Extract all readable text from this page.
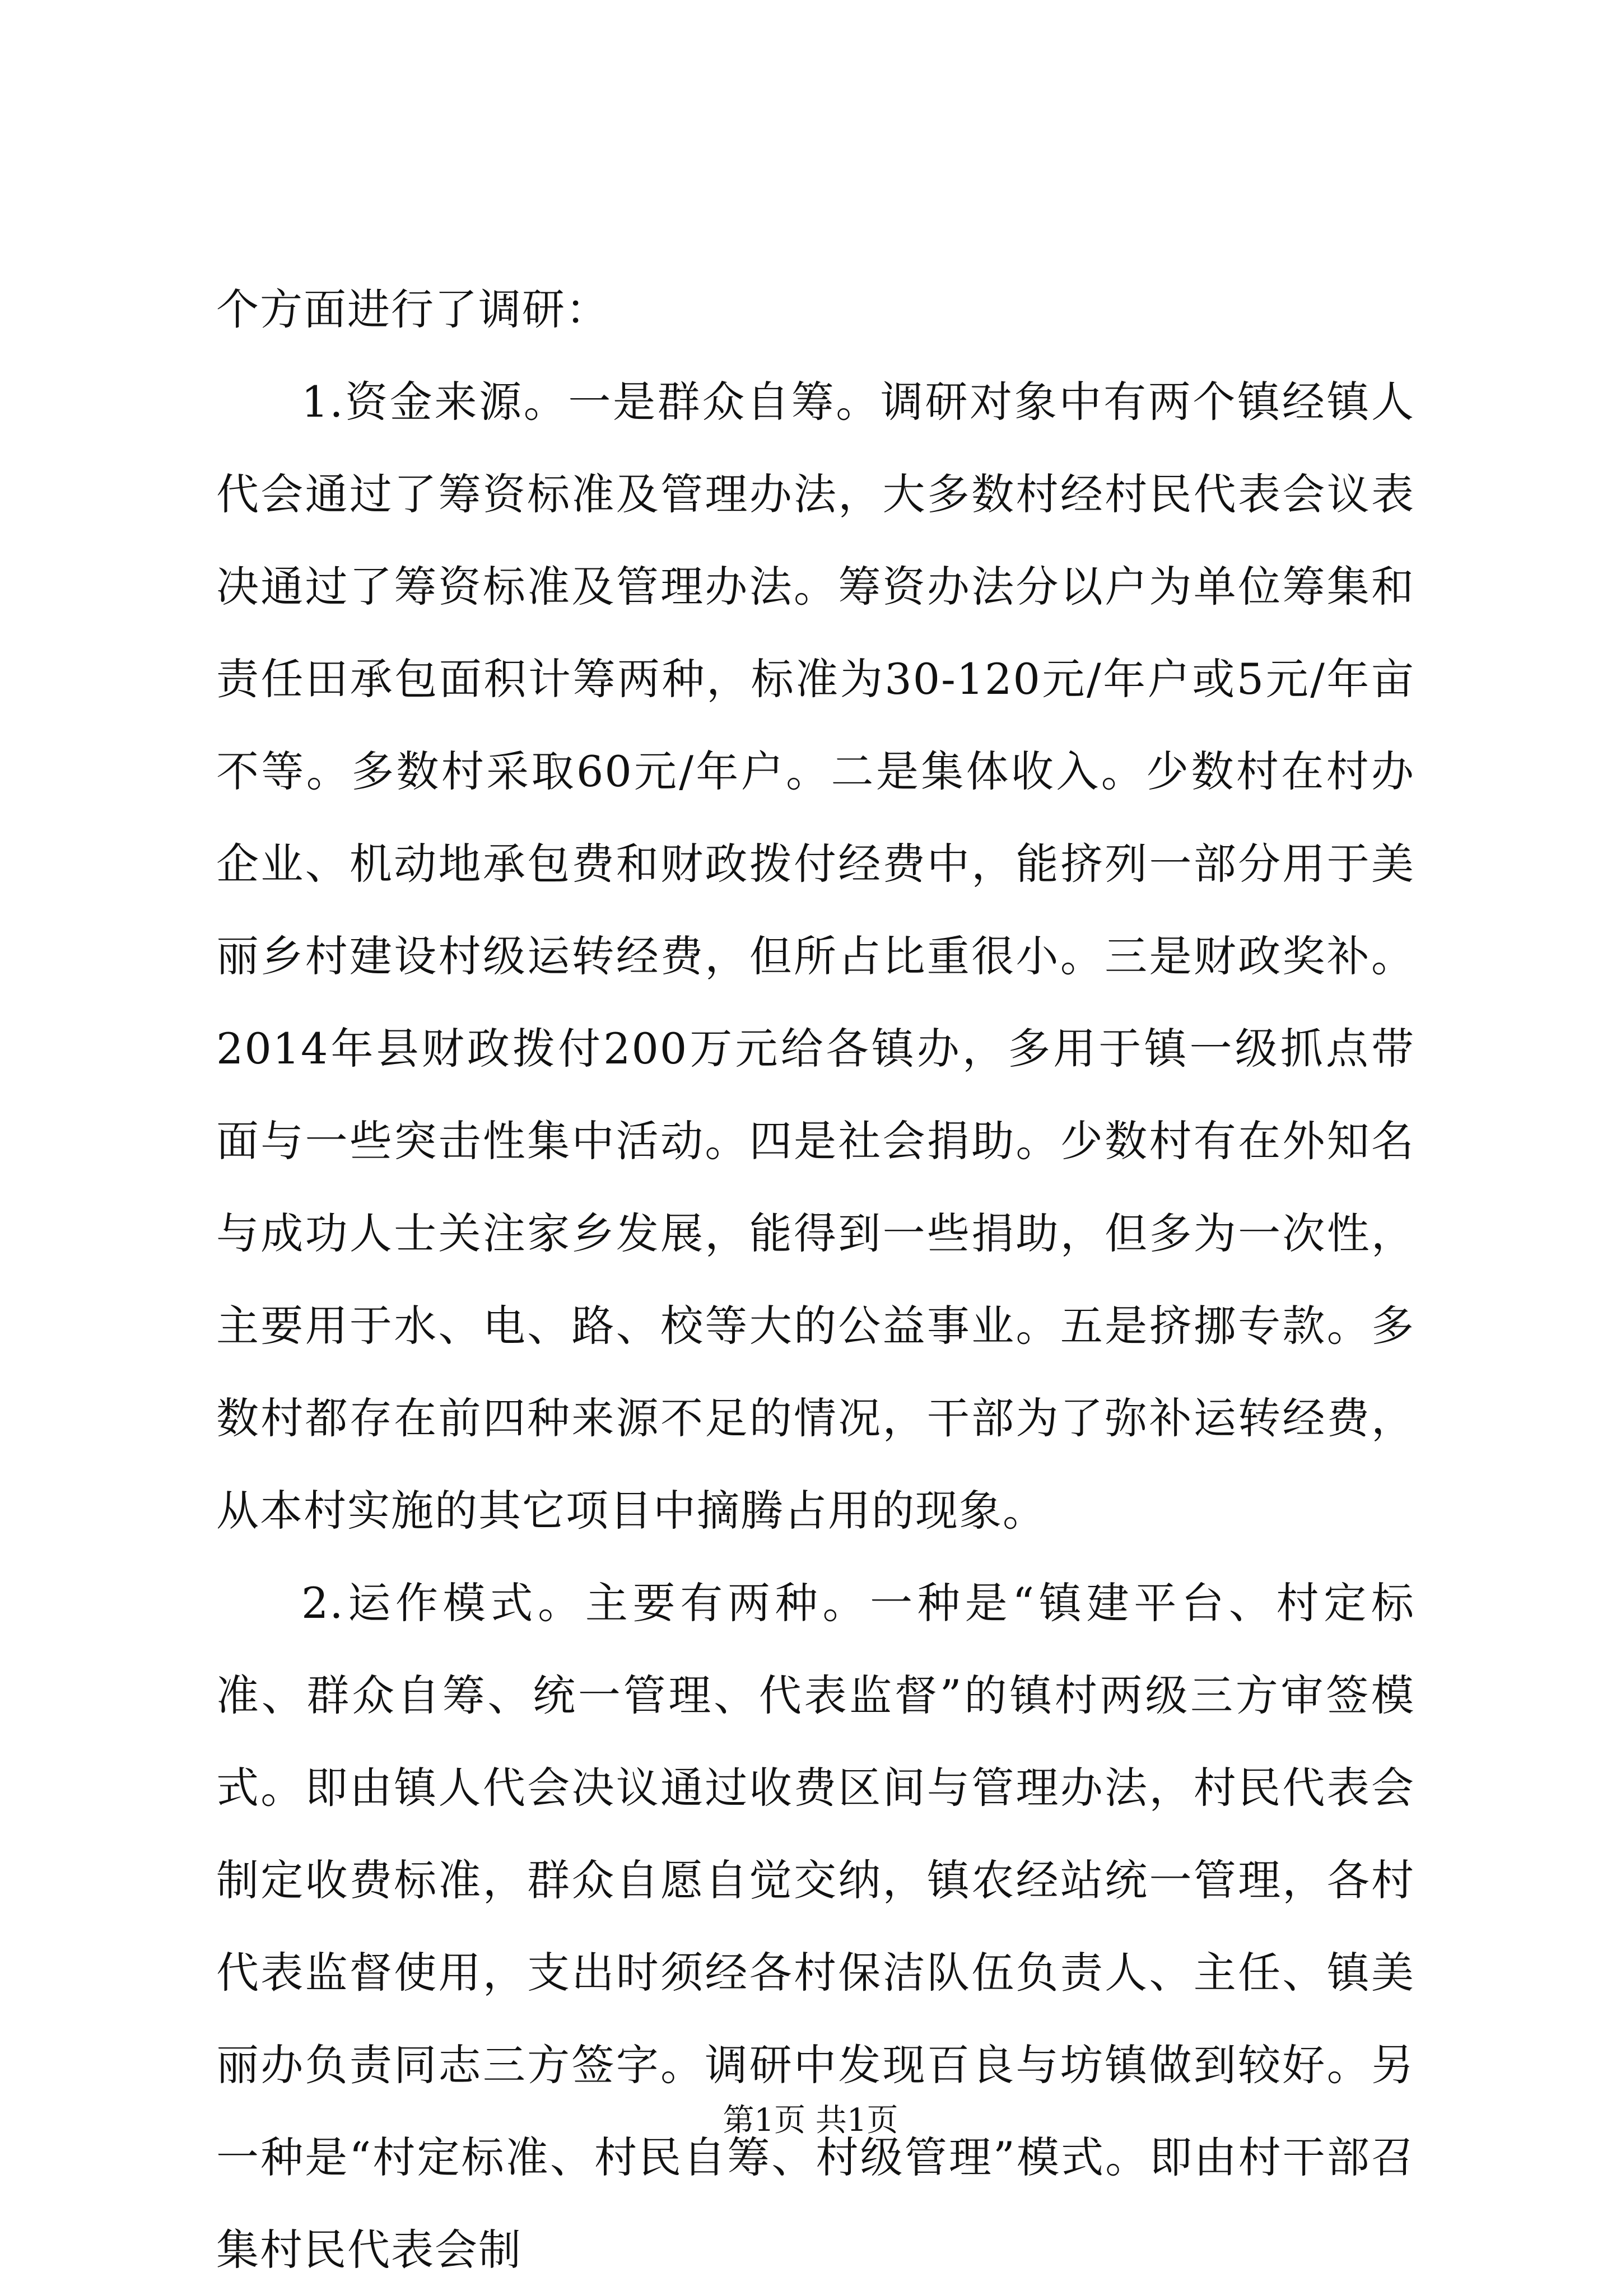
个方面进行了调研：

1.资金来源。一是群众自筹。调研对象中有两个镇经镇人代会通过了筹资标准及管理办法，大多数村经村民代表会议表决通过了筹资标准及管理办法。筹资办法分以户为单位筹集和责任田承包面积计筹两种，标准为30-120元/年户或5元/年亩不等。多数村采取60元/年户。二是集体收入。少数村在村办企业、机动地承包费和财政拨付经费中，能挤列一部分用于美丽乡村建设村级运转经费，但所占比重很小。三是财政奖补。2014年县财政拨付200万元给各镇办，多用于镇一级抓点带面与一些突击性集中活动。四是社会捐助。少数村有在外知名与成功人士关注家乡发展，能得到一些捐助，但多为一次性，主要用于水、电、路、校等大的公益事业。五是挤挪专款。多数村都存在前四种来源不足的情况，干部为了弥补运转经费，从本村实施的其它项目中摘腾占用的现象。

2.运作模式。主要有两种。一种是“镇建平台、村定标准、群众自筹、统一管理、代表监督”的镇村两级三方审签模式。即由镇人代会决议通过收费区间与管理办法，村民代表会制定收费标准，群众自愿自觉交纳，镇农经站统一管理，各村代表监督使用，支出时须经各村保洁队伍负责人、主任、镇美丽办负责同志三方签字。调研中发现百良与坊镇做到较好。另一种是“村定标准、村民自筹、村级管理”模式。即由村干部召集村民代表会制

第1页 共1页
